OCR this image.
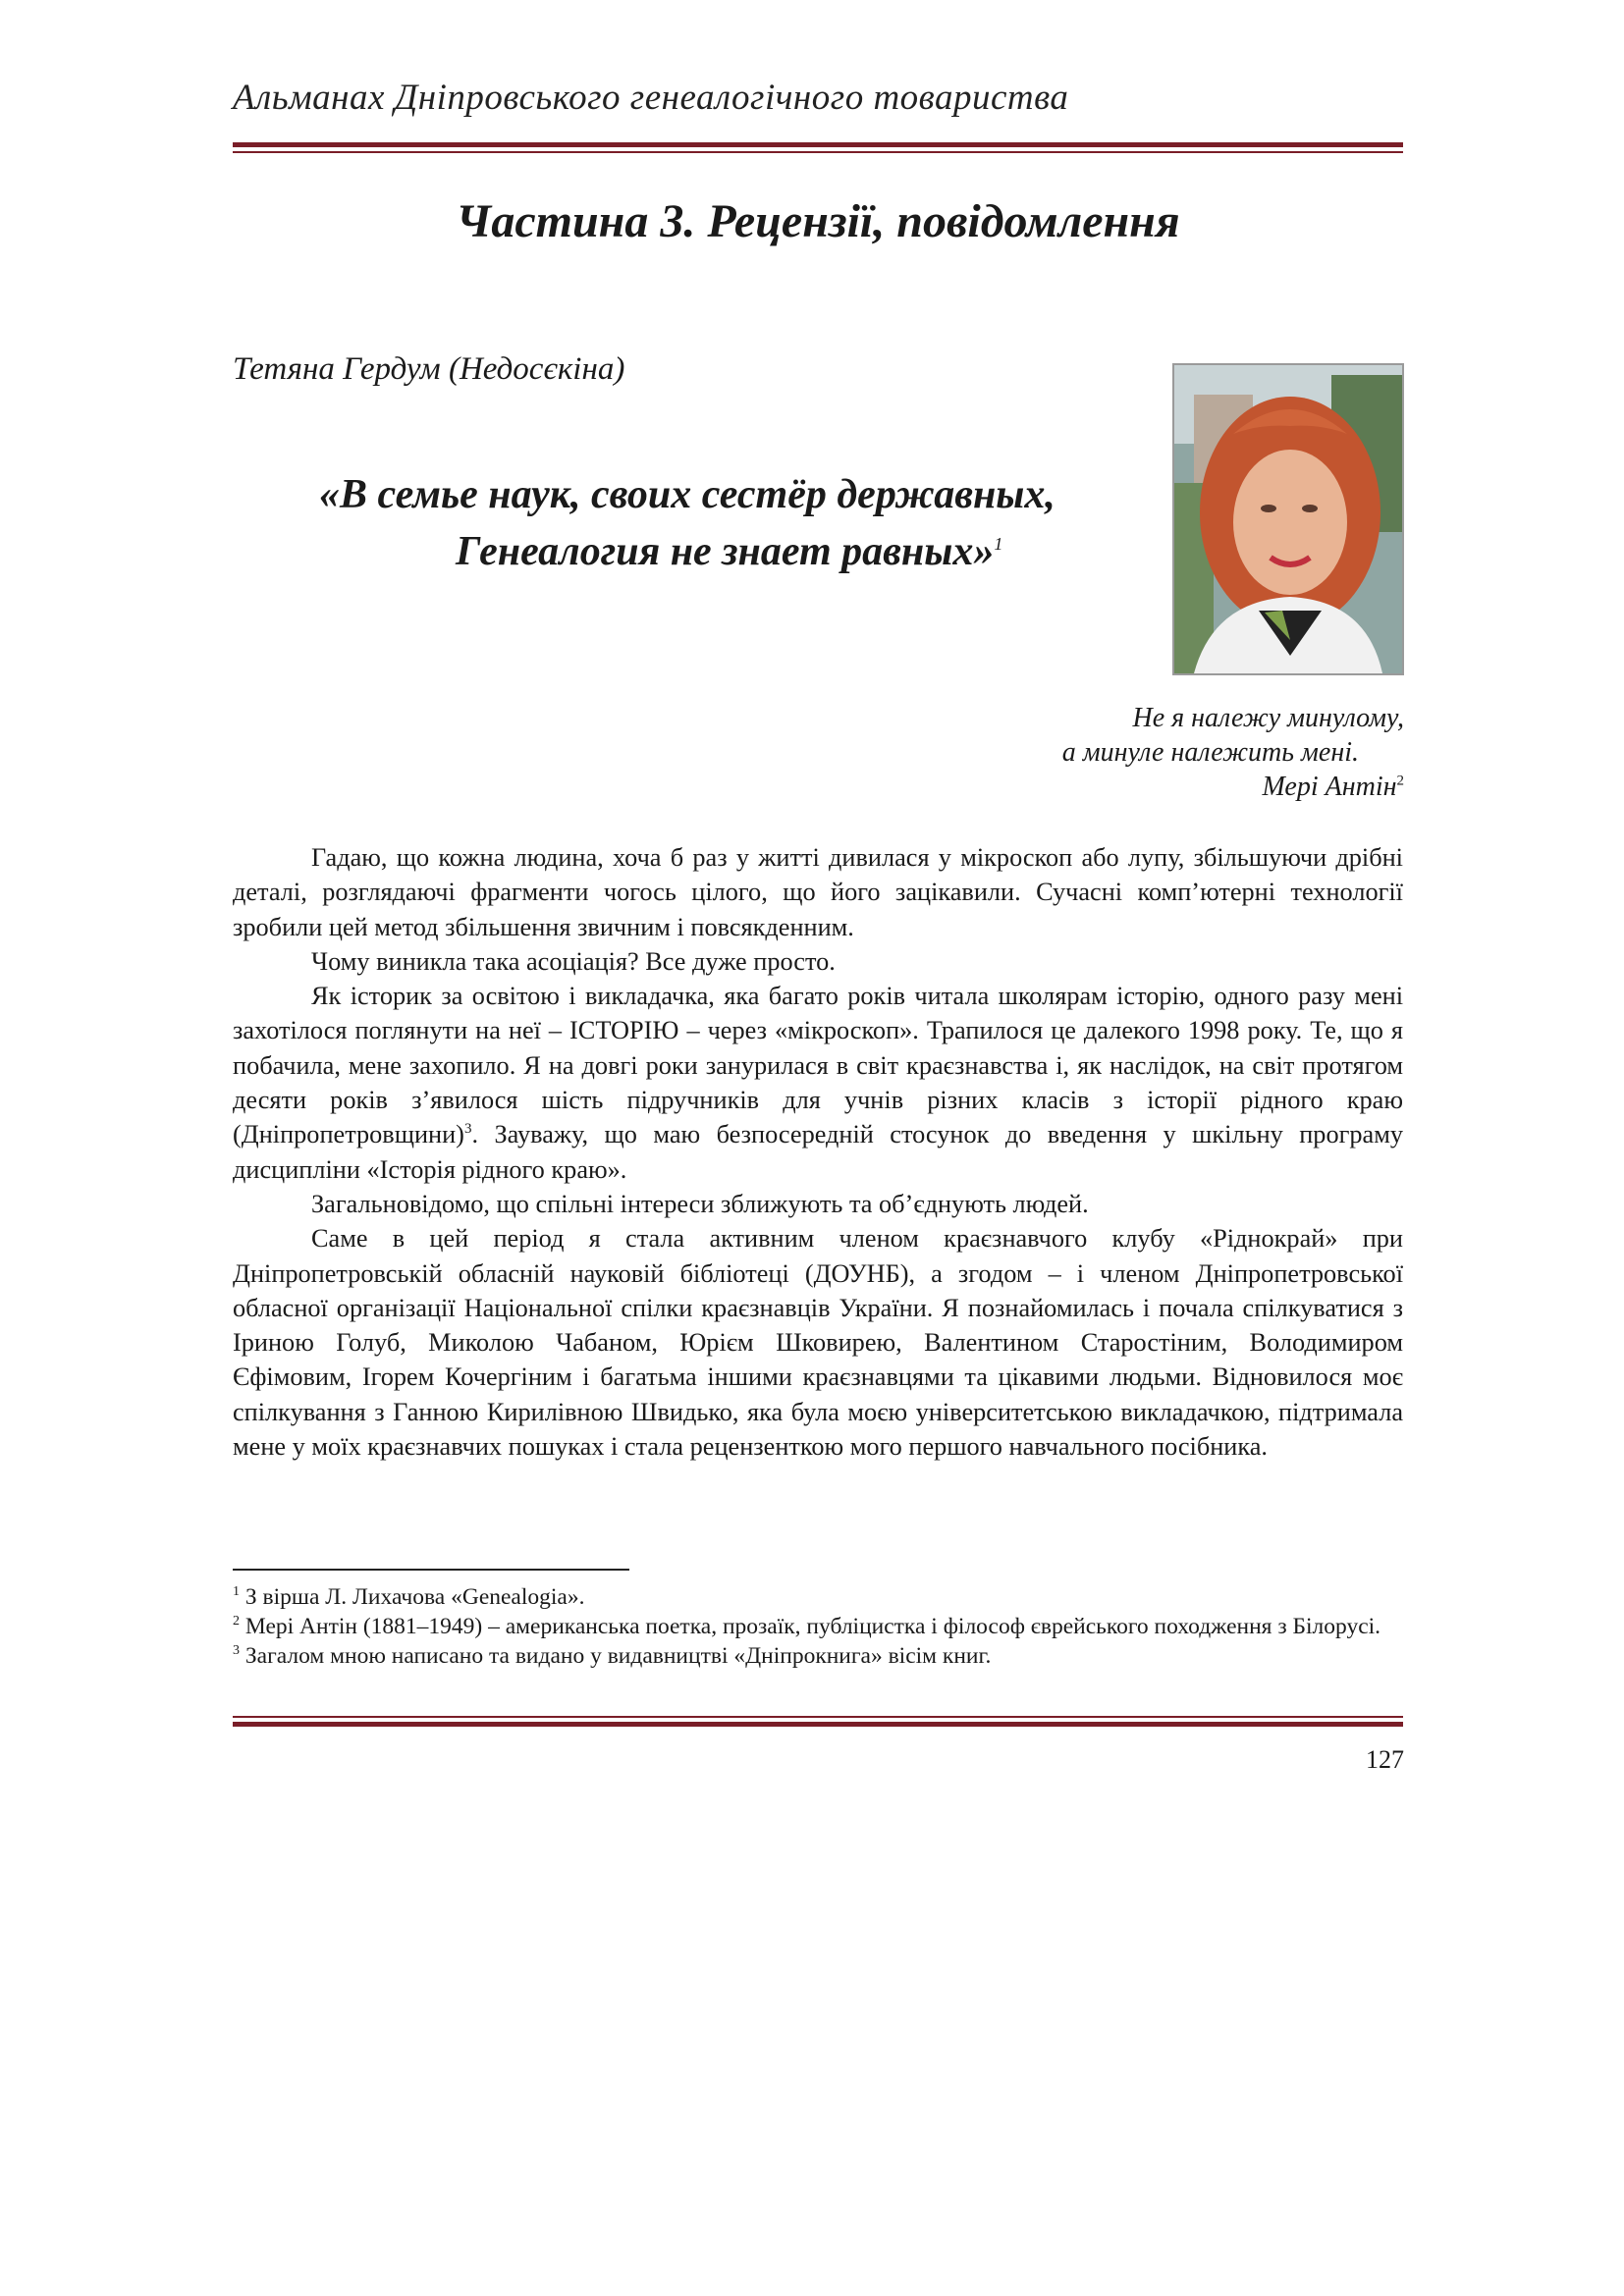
Альманах Дніпровського генеалогічного товариства
Частина 3. Рецензії, повідомлення
Тетяна Гердум (Недосєкіна)
«В семье наук, своих сестёр державных,
Генеалогия не знает равных»$^1$
Не я належу минулому,
а минуле належить мені.
Мері Антін$^2$

Гадаю, що кожна людина, хоча б раз у житті дивилася у мікроскоп або лупу, збільшуючи дрібні деталі, розглядаючі фрагменти чогось цілого, що його зацікавили. Сучасні комп’ютерні технології зробили цей метод збільшення звичним і повсякденним.

Чому виникла така асоціація? Все дуже просто.

Як історик за освітою і викладачка, яка багато років читала школярам історію, одного разу мені захотілося поглянути на неї – ІСТОРІЮ – через «мікроскоп». Трапилося це далекого 1998 року. Те, що я побачила, мене захопило. Я на довгі роки занурилася в світ краєзнавства і, як наслідок, на світ протягом десяти років з’явилося шість підручників для учнів різних класів з історії рідного краю (Дніпропетровщини)$^3$. Зауважу, що маю безпосередній стосунок до введення у шкільну програму дисципліни «Історія рідного краю».

Загальновідомо, що спільні інтереси зближують та об’єднують людей.

Саме в цей період я стала активним членом краєзнавчого клубу «Ріднокрай» при Дніпропетровській обласній науковій бібліотеці (ДОУНБ), а згодом – і членом Дніпропетровської обласної організації Національної спілки краєзнавців України. Я познайомилась і почала спілкуватися з Іриною Голуб, Миколою Чабаном, Юрієм Шковирею, Валентином Старостіним, Володимиром Єфімовим, Ігорем Кочергіним і багатьма іншими краєзнавцями та цікавими людьми. Відновилося моє спілкування з Ганною Кирилівною Швидько, яка була моєю університетською викладачкою, підтримала мене у моїх краєзнавчих пошуках і стала рецензенткою мого першого навчального посібника.

$^1$ З вірша Л. Лихачова «Genealogia».

$^2$ Мері Антін (1881–1949) – американська поетка, прозаїк, публіцистка і філософ єврейського походження з Білорусі.

$^3$ Загалом мною написано та видано у видавництві «Дніпрокнига» вісім книг.

127
